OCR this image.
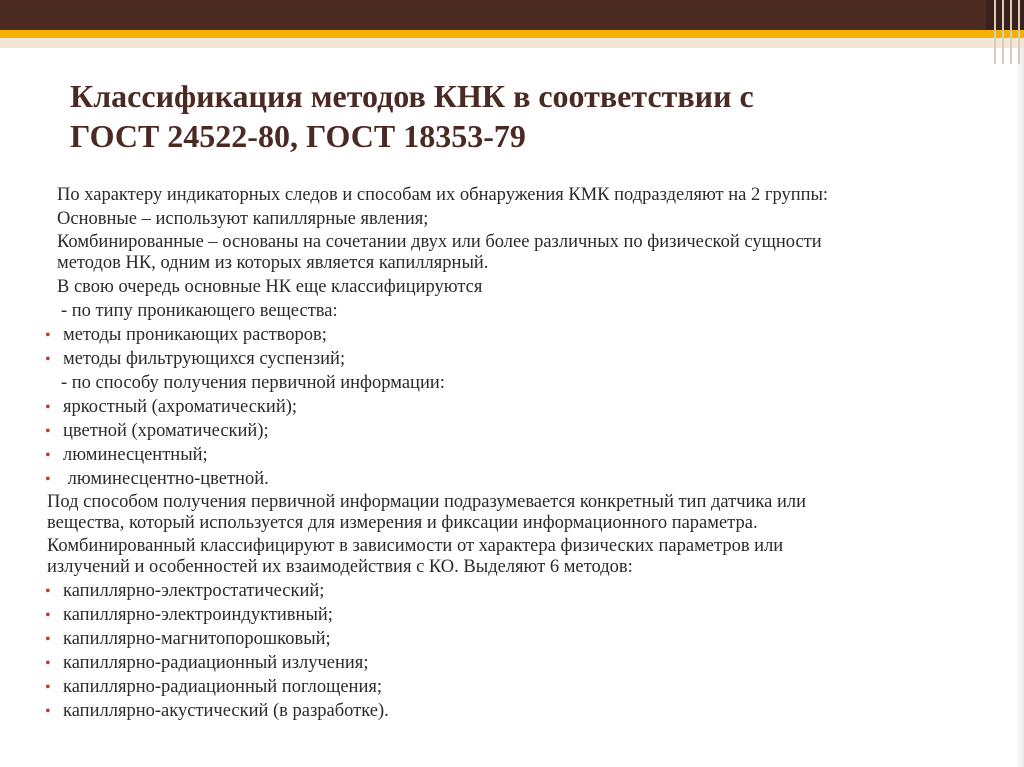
Классификация методов КНК в соответствии с
ГОСТ 24522-80, ГОСТ 18353-79
По характеру индикаторных следов и способам их обнаружения КМК подразделяют на 2 группы:
Основные – используют капиллярные явления;
Комбинированные – основаны на сочетании двух или более различных по физической сущности
методов НК, одним из которых является капиллярный.
В свою очередь основные НК еще классифицируются
- по типу проникающего вещества:
• методы проникающих растворов;
• методы фильтрующихся суспензий;
- по способу получения первичной информации:
• яркостный (ахроматический);
• цветной (хроматический);
• люминесцентный;
• люминесцентно-цветной.
Под способом получения первичной информации подразумевается конкретный тип датчика или
вещества, который используется для измерения и фиксации информационного параметра.
Комбинированный классифицируют в зависимости от характера физических параметров или
излучений и особенностей их взаимодействия с КО. Выделяют 6 методов:
• капиллярно-электростатический;
• капиллярно-электроиндуктивный;
• капиллярно-магнитопорошковый;
• капиллярно-радиационный излучения;
• капиллярно-радиационный поглощения;
• капиллярно-акустический (в разработке).
